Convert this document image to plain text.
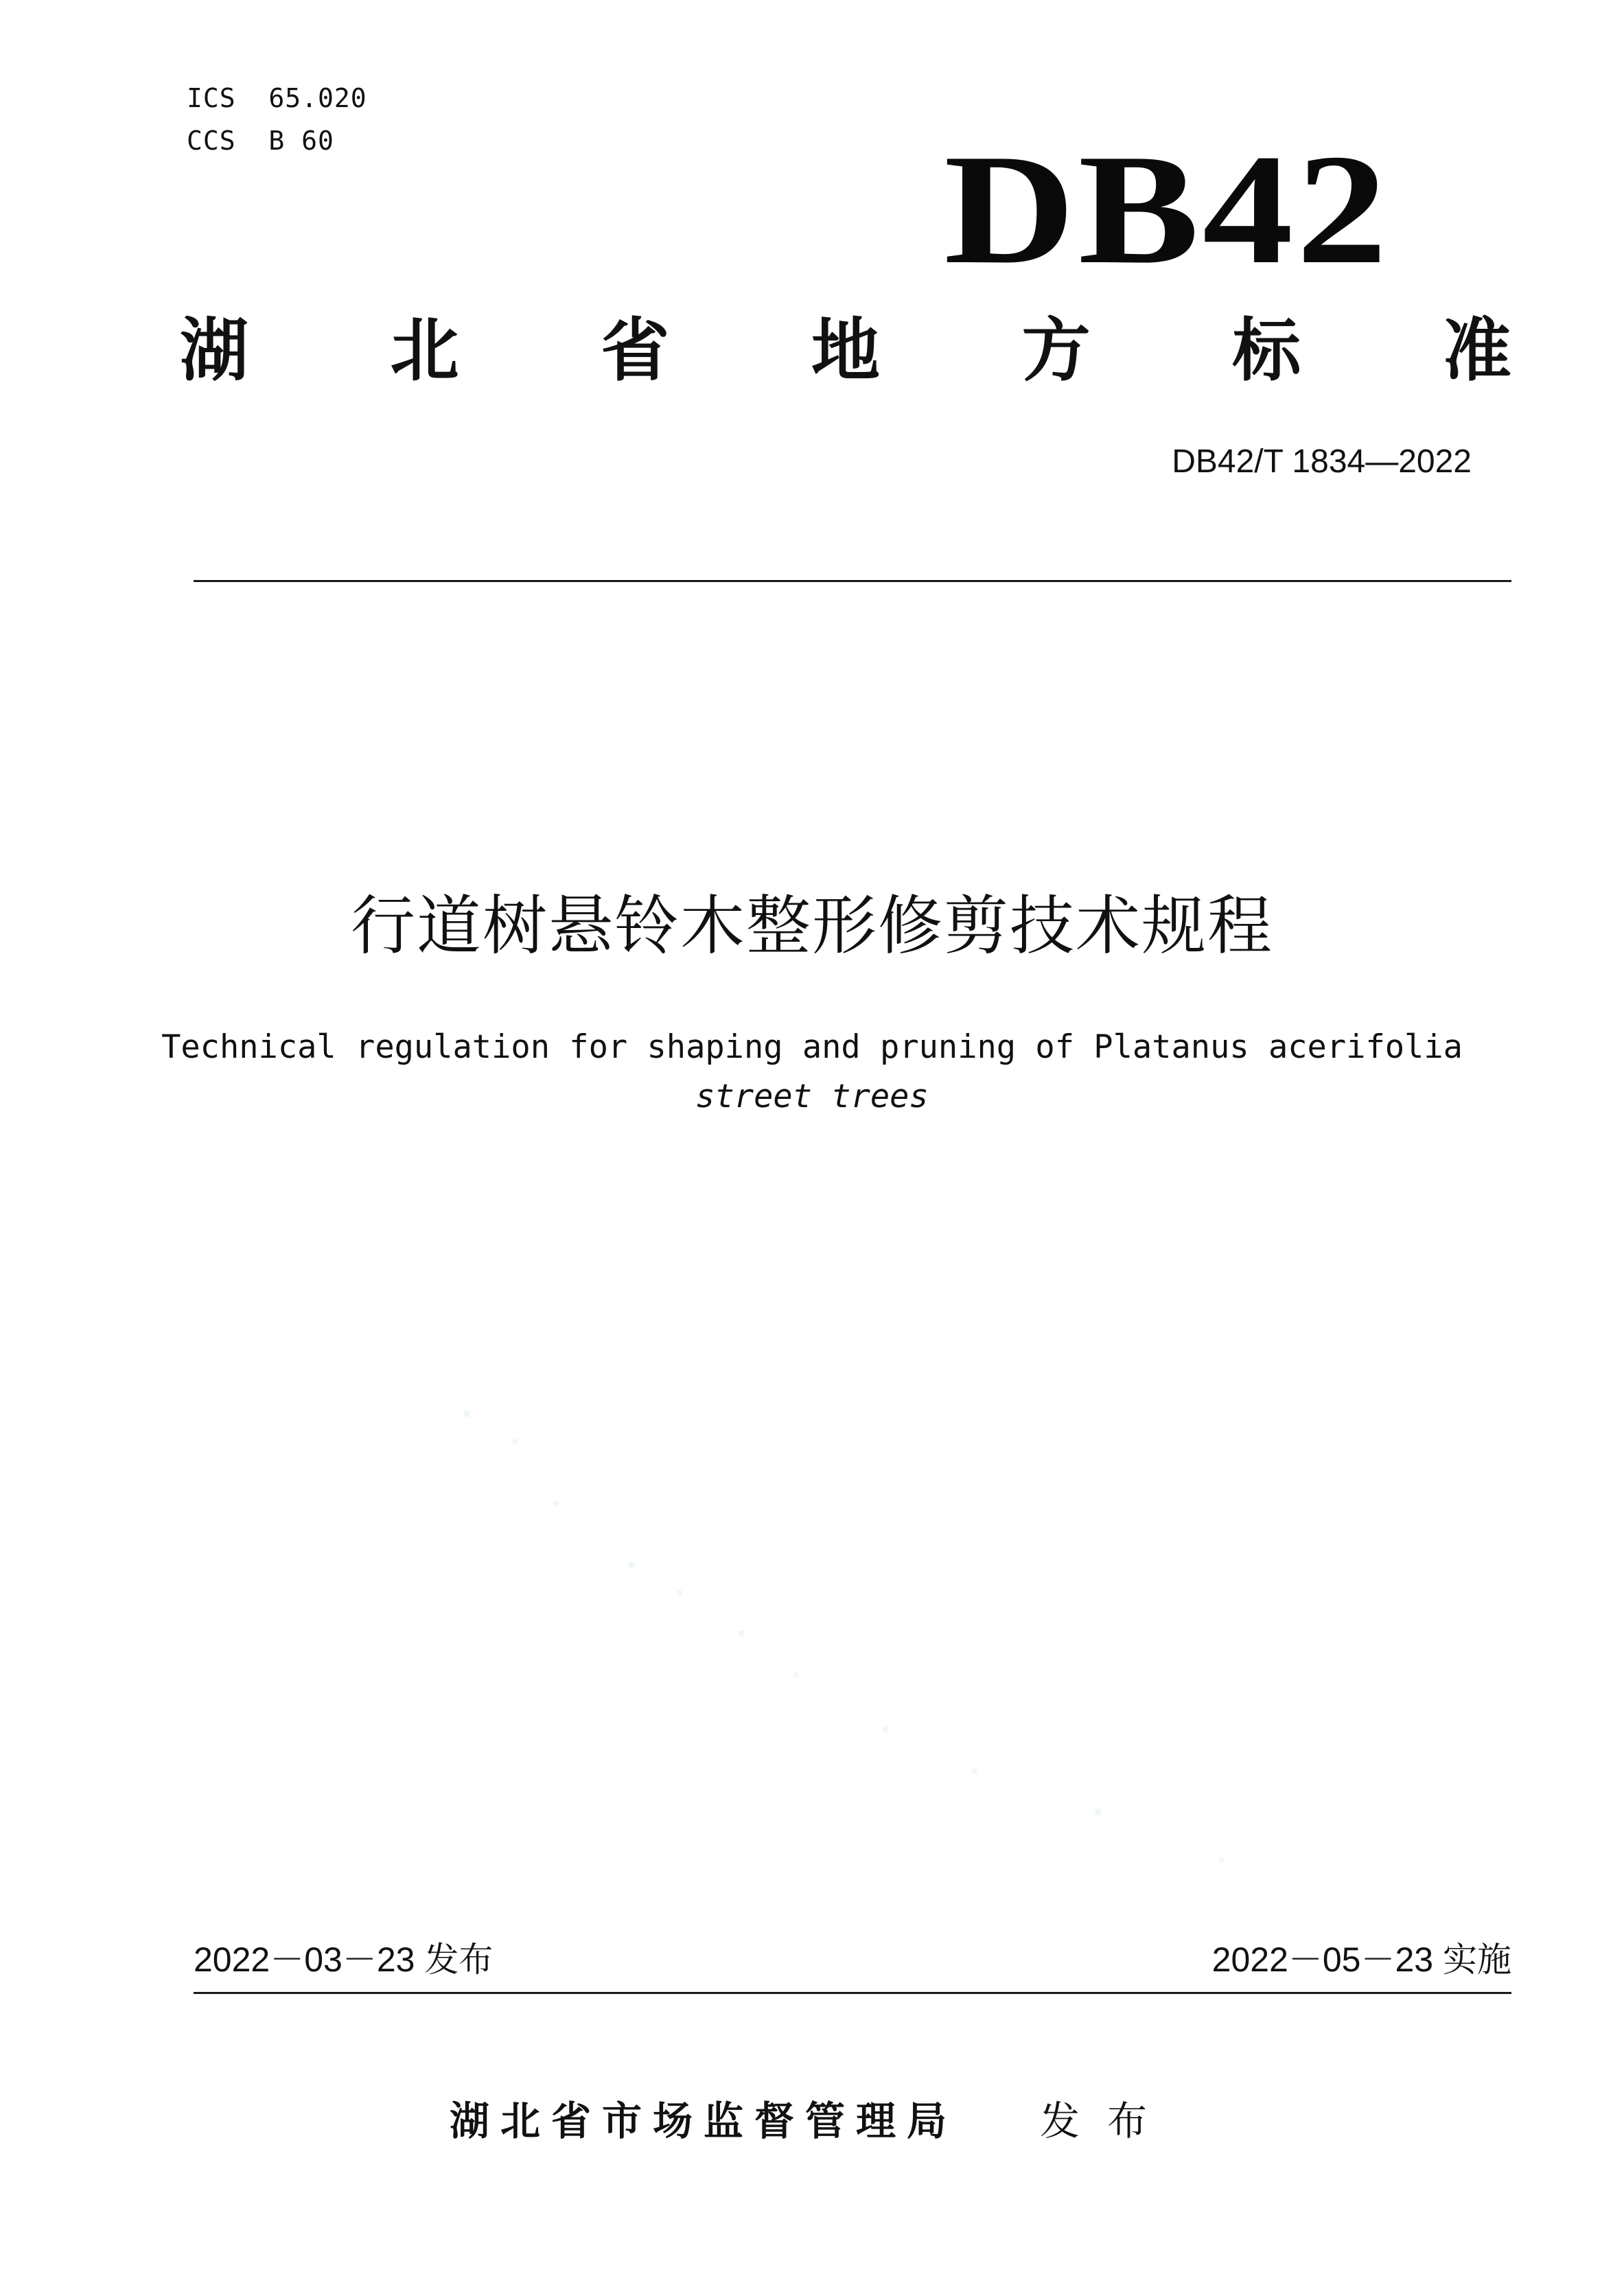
ICS  65.020
CCS  B 60	DB42
湖 北 省 地 方 标 准
DB42/T 1834—2022
行道树悬铃木整形修剪技术规程
Technical regulation for shaping and pruning of Platanus acerifolia
street trees
2022－03－23 发布	2022－05－23 实施
湖北省市场监督管理局 发布
